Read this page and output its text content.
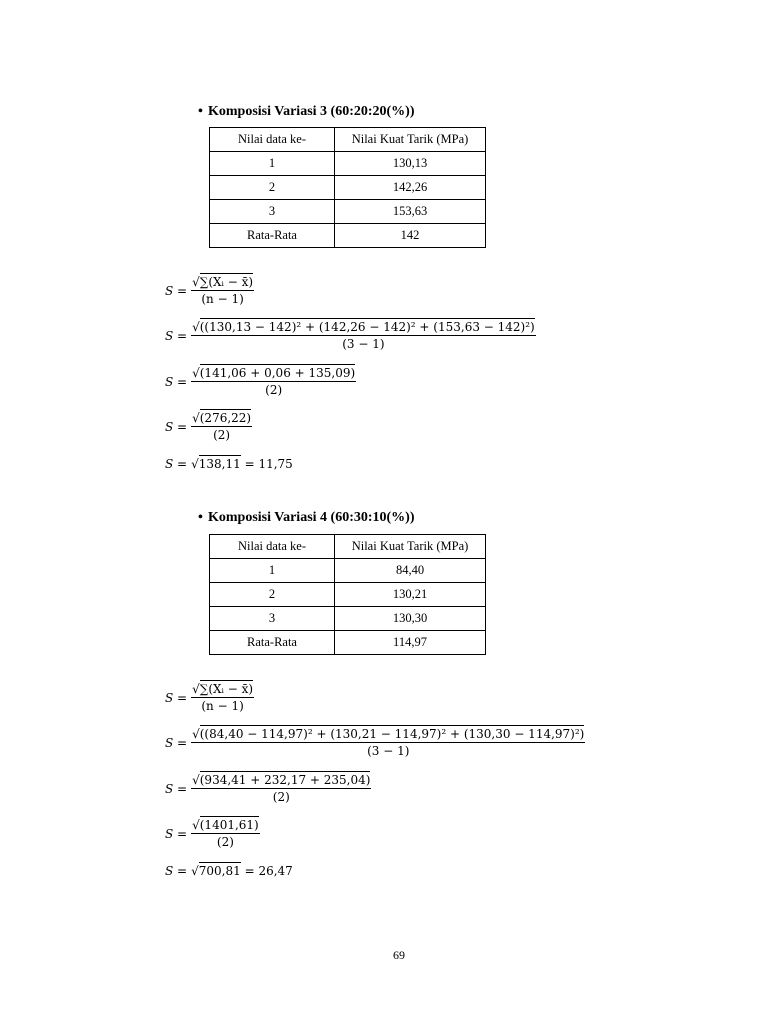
• Komposisi Variasi 3 (60:20:20(%))
Nilai data ke-	Nilai Kuat Tarik (MPa)
1	130,13
2	142,26
3	153,63
Rata-Rata	142
$S = \frac{\text{√∑(Xᵢ − x̄)}}{(n - 1)}$
$S = \frac{\text{√((130,13 − 142)² + (142,26 − 142)² + (153,63 − 142)²)}}{(3 - 1)}$
$S = \frac{√(141,06 + 0,06 + 135,09)}{(2)}$
$S = \frac{√(276,22)}{(2)}$
S = √138,11 = 11,75
• Komposisi Variasi 4 (60:30:10(%))
Nilai data ke-	Nilai Kuat Tarik (MPa)
1	84,40
2	130,21
3	130,30
Rata-Rata	114,97
$S = \frac{\text{√∑(Xᵢ − x̄)}}{(n - 1)}$
S =
√((84,40 − 114,97)² + (130,21 − 114,97)² + (130,30 − 114,97)²)
(3 − 1)
$S = \frac{√(934,41 + 232,17 + 235,04)}{(2)}$
$S = \frac{√(1401,61)}{(2)}$
S = √700,81 = 26,47
69
